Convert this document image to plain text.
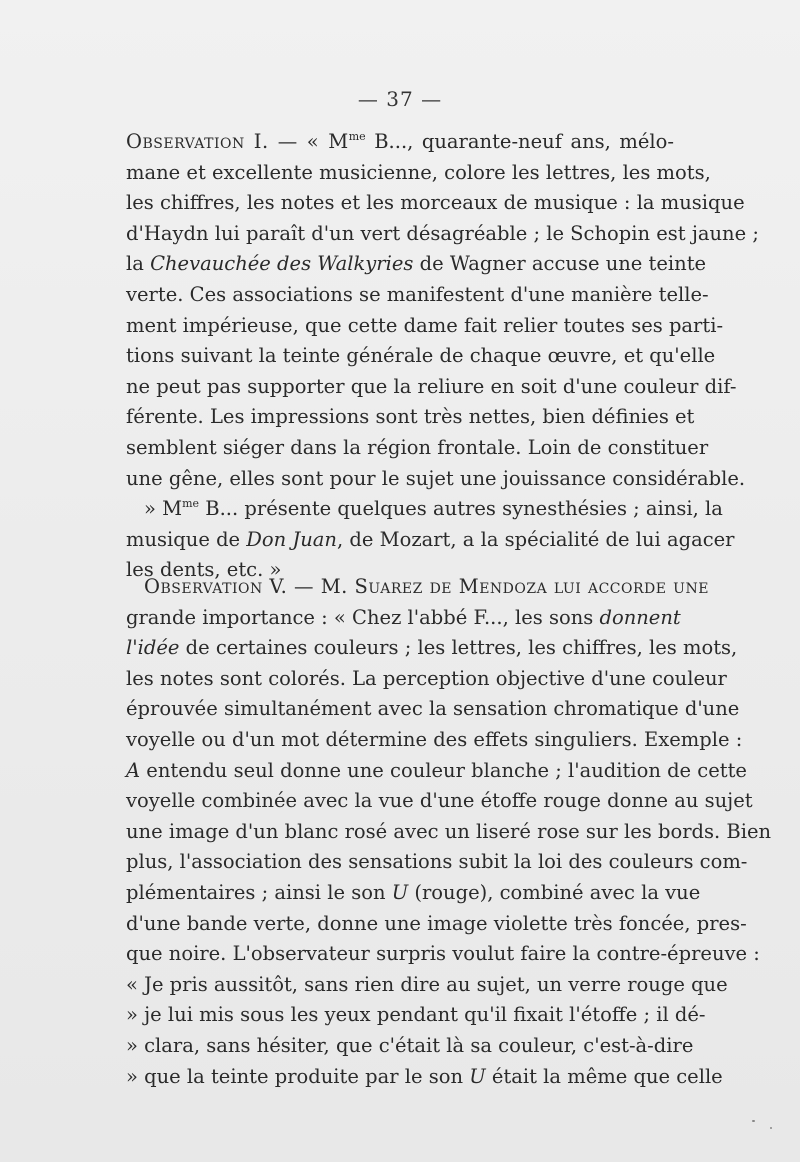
— 37 —
Observation I. — « $M^{me}$ B..., quarante-neuf ans, mélo-
mane et excellente musicienne, colore les lettres, les mots,
les chiffres, les notes et les morceaux de musique : la musique
d'Haydn lui paraît d'un vert désagréable ; le Schopin est jaune ;
la Chevauchée des Walkyries de Wagner accuse une teinte
verte. Ces associations se manifestent d'une manière telle-
ment impérieuse, que cette dame fait relier toutes ses parti-
tions suivant la teinte générale de chaque œuvre, et qu'elle
ne peut pas supporter que la reliure en soit d'une couleur dif-
férente. Les impressions sont très nettes, bien définies et
semblent siéger dans la région frontale. Loin de constituer
une gêne, elles sont pour le sujet une jouissance considérable.
» $M^{me}$ B... présente quelques autres synesthésies ; ainsi, la
musique de Don Juan, de Mozart, a la spécialité de lui agacer
les dents, etc. »
Observation V. — M. Suarez de Mendoza lui accorde une
grande importance : « Chez l'abbé F..., les sons donnent
l'idée de certaines couleurs ; les lettres, les chiffres, les mots,
les notes sont colorés. La perception objective d'une couleur
éprouvée simultanément avec la sensation chromatique d'une
voyelle ou d'un mot détermine des effets singuliers. Exemple :
A entendu seul donne une couleur blanche ; l'audition de cette
voyelle combinée avec la vue d'une étoffe rouge donne au sujet
une image d'un blanc rosé avec un liseré rose sur les bords. Bien
plus, l'association des sensations subit la loi des couleurs com-
plémentaires ; ainsi le son U (rouge), combiné avec la vue
d'une bande verte, donne une image violette très foncée, pres-
que noire. L'observateur surpris voulut faire la contre-épreuve :
« Je pris aussitôt, sans rien dire au sujet, un verre rouge que
» je lui mis sous les yeux pendant qu'il fixait l'étoffe ; il dé-
» clara, sans hésiter, que c'était là sa couleur, c'est-à-dire
» que la teinte produite par le son U était la même que celle
